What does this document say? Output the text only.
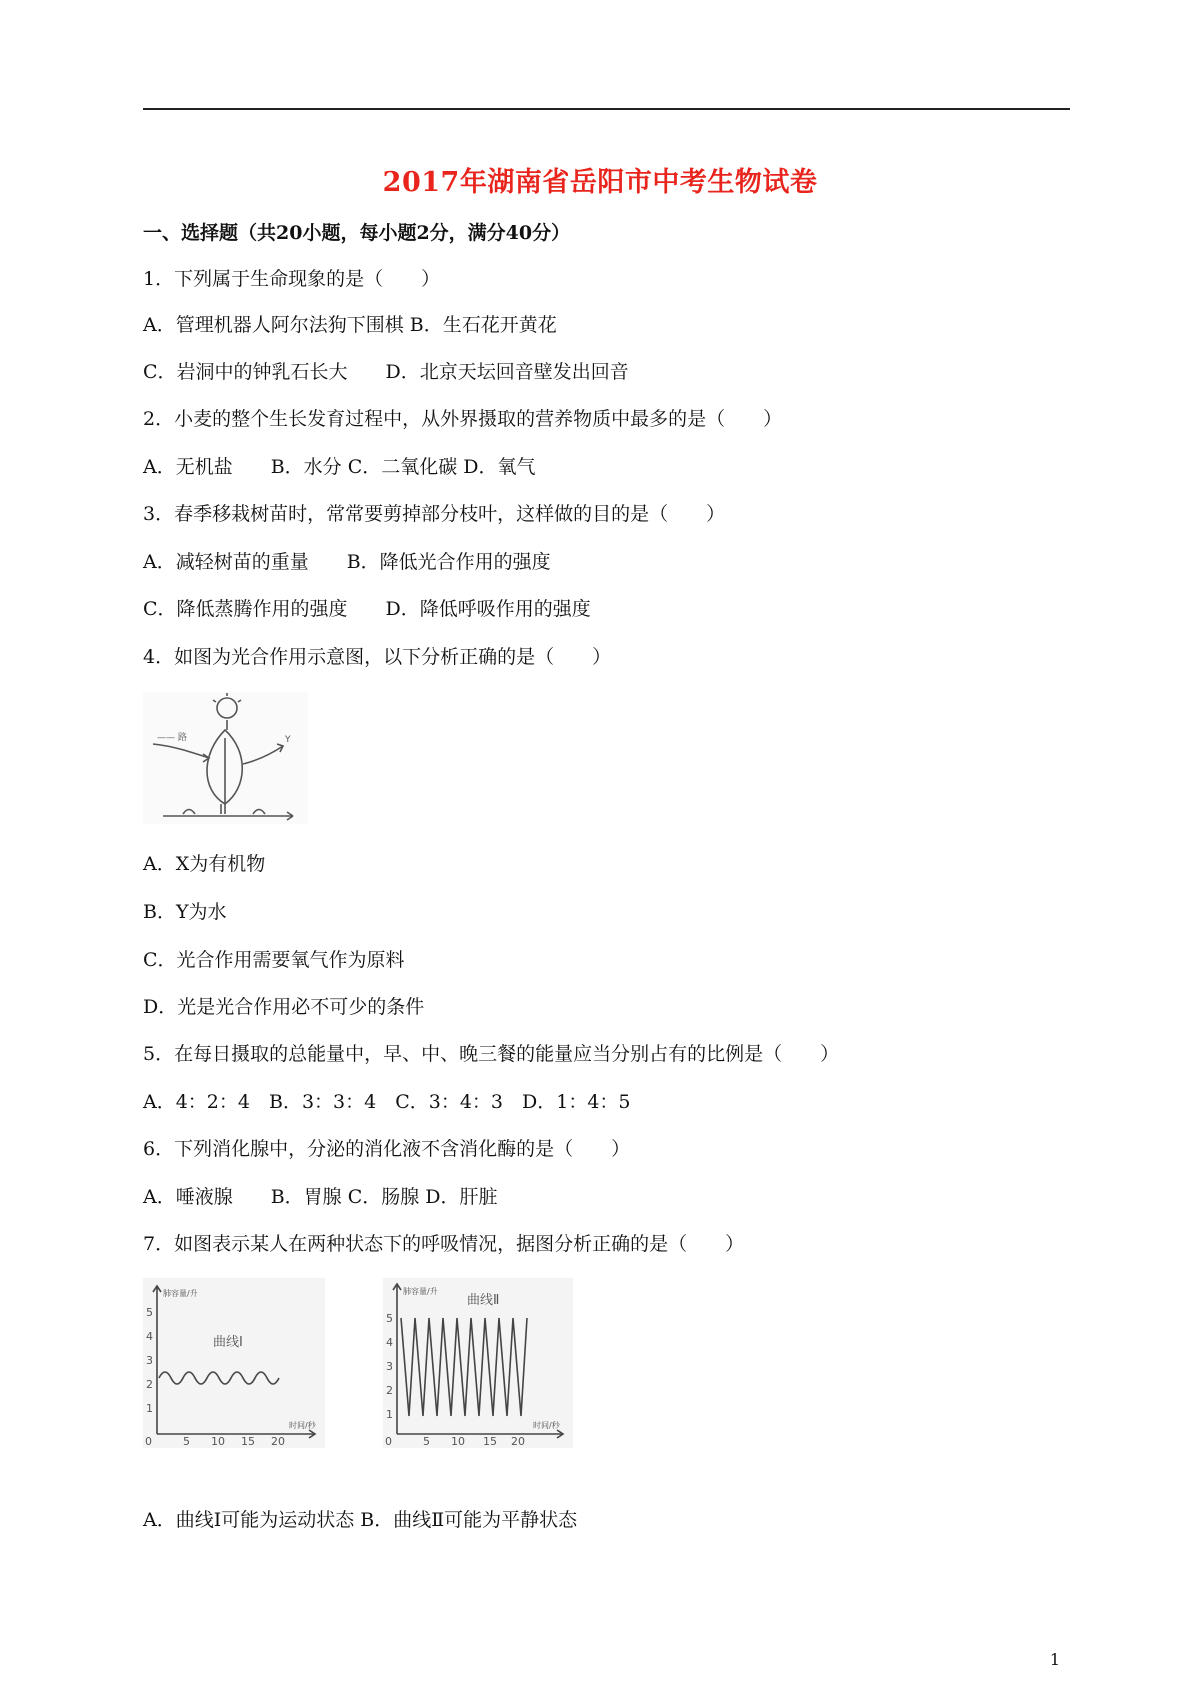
2017年湖南省岳阳市中考生物试卷
一、选择题（共20小题，每小题2分，满分40分）
1．下列属于生命现象的是（　　）
A．管理机器人阿尔法狗下围棋 B．生石花开黄花
C．岩洞中的钟乳石长大　　D．北京天坛回音壁发出回音
2．小麦的整个生长发育过程中，从外界摄取的营养物质中最多的是（　　）
A．无机盐　　B．水分 C．二氧化碳 D．氧气
3．春季移栽树苗时，常常要剪掉部分枝叶，这样做的目的是（　　）
A．减轻树苗的重量　　B．降低光合作用的强度
C．降低蒸腾作用的强度　　D．降低呼吸作用的强度
4．如图为光合作用示意图，以下分析正确的是（　　）
—— 路	Y
A．X为有机物
B．Y为水
C．光合作用需要氧气作为原料
D．光是光合作用必不可少的条件
5．在每日摄取的总能量中，早、中、晚三餐的能量应当分别占有的比例是（　　）
A．4：2：4　B．3：3：4　C．3：4：3　D．1：4：5
6．下列消化腺中，分泌的消化液不含消化酶的是（　　）
A．唾液腺　　B．胃腺 C．肠腺 D．肝脏
7．如图表示某人在两种状态下的呼吸情况，据图分析正确的是（　　）
肺容量/升
5
4
3
2
1
0	5 10 15 20
时间/秒
曲线Ⅰ
肺容量/升
5
4
3
2
1
0	5 10 15 20
时间/秒
曲线Ⅱ
A．曲线Ⅰ可能为运动状态 B．曲线Ⅱ可能为平静状态
1
